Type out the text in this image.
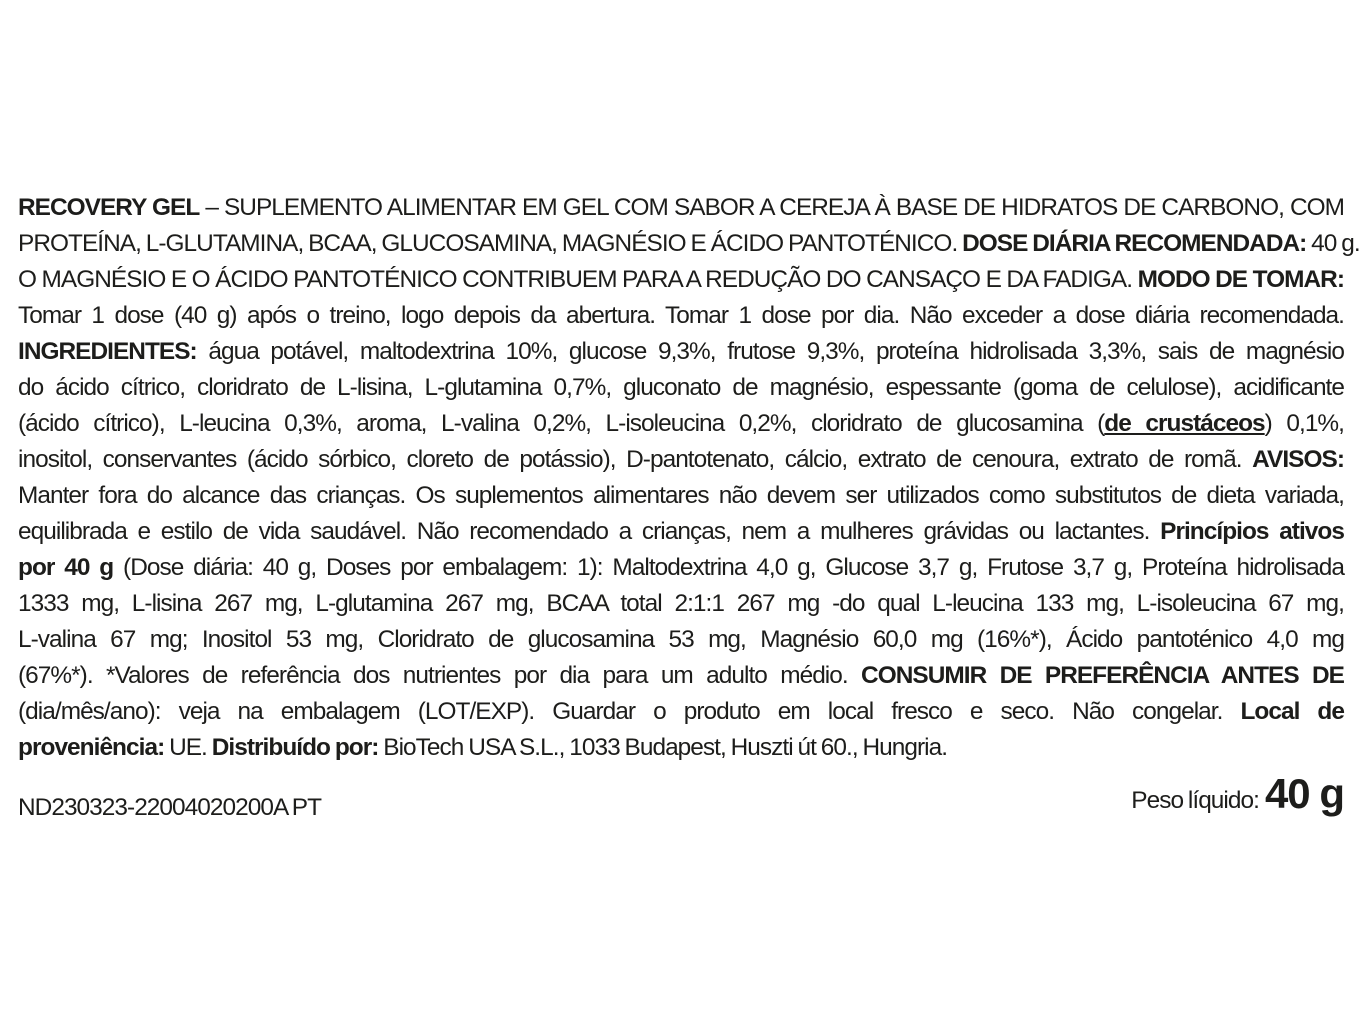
RECOVERY GEL – SUPLEMENTO ALIMENTAR EM GEL COM SABOR A CEREJA À BASE DE HIDRATOS DE CARBONO, COM
PROTEÍNA, L-GLUTAMINA, BCAA, GLUCOSAMINA, MAGNÉSIO E ÁCIDO PANTOTÉNICO. DOSE DIÁRIA RECOMENDADA: 40 g.
O MAGNÉSIO E O ÁCIDO PANTOTÉNICO CONTRIBUEM PARA A REDUÇÃO DO CANSAÇO E DA FADIGA. MODO DE TOMAR:
Tomar 1 dose (40 g) após o treino, logo depois da abertura. Tomar 1 dose por dia. Não exceder a dose diária recomendada.
INGREDIENTES: água potável, maltodextrina 10%, glucose 9,3%, frutose 9,3%, proteína hidrolisada 3,3%, sais de magnésio
do ácido cítrico, cloridrato de L-lisina, L-glutamina 0,7%, gluconato de magnésio, espessante (goma de celulose), acidificante
(ácido cítrico), L-leucina 0,3%, aroma, L-valina 0,2%, L-isoleucina 0,2%, cloridrato de glucosamina (de crustáceos) 0,1%,
inositol, conservantes (ácido sórbico, cloreto de potássio), D-pantotenato, cálcio, extrato de cenoura, extrato de romã. AVISOS:
Manter fora do alcance das crianças. Os suplementos alimentares não devem ser utilizados como substitutos de dieta variada,
equilibrada e estilo de vida saudável. Não recomendado a crianças, nem a mulheres grávidas ou lactantes. Princípios ativos
por 40 g (Dose diária: 40 g, Doses por embalagem: 1): Maltodextrina 4,0 g, Glucose 3,7 g, Frutose 3,7 g, Proteína hidrolisada
1333 mg, L-lisina 267 mg, L-glutamina 267 mg, BCAA total 2:1:1 267 mg -do qual L-leucina 133 mg, L-isoleucina 67 mg,
L-valina 67 mg; Inositol 53 mg, Cloridrato de glucosamina 53 mg, Magnésio 60,0 mg (16%*), Ácido pantoténico 4,0 mg
(67%*). *Valores de referência dos nutrientes por dia para um adulto médio. CONSUMIR DE PREFERÊNCIA ANTES DE
(dia/mês/ano): veja na embalagem (LOT/EXP). Guardar o produto em local fresco e seco. Não congelar. Local de
proveniência: UE. Distribuído por: BioTech USA S.L., 1033 Budapest, Huszti út 60., Hungria.
ND230323-22004020200A PT	Peso líquido: 40 g
